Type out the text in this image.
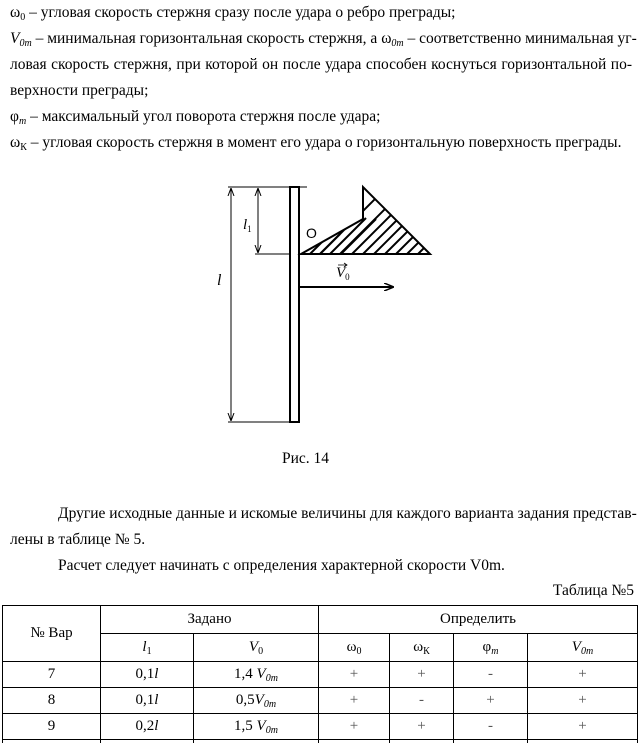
$\omega_0$ – угловая скорость стержня сразу после удара о ребро преграды;
$V_{0m}$ – минимальная горизонтальная скорость стержня, а $\omega_{0m}$ – соответственно минимальная уг-
ловая скорость стержня, при которой он после удара способен коснуться горизонтальной по-
верхности преграды;
$\varphi_m$ – максимальный угол поворота стержня после удара;
$\omega_К$ – угловая скорость стержня в момент его удара о горизонтальную поверхность преграды.
$l_1$
l
O
$V_0$
Рис. 14
Другие исходные данные и искомые величины для каждого варианта задания представ-
лены в таблице № 5.
Расчет следует начинать с определения характерной скорости V0m.
Таблица №5
№ Вар	Задано		Определить			
	$l_1$	$V_0$	$\omega_0$	$\omega_К$	$\varphi_m$	$V_{0m}$
7	0,1l	1,4 $V_{0m}$	+	+	-	+
8	0,1l	$0,5V_{0m}$	+	-	+	+
9	0,2l	1,5 $V_{0m}$	+	+	-	+
